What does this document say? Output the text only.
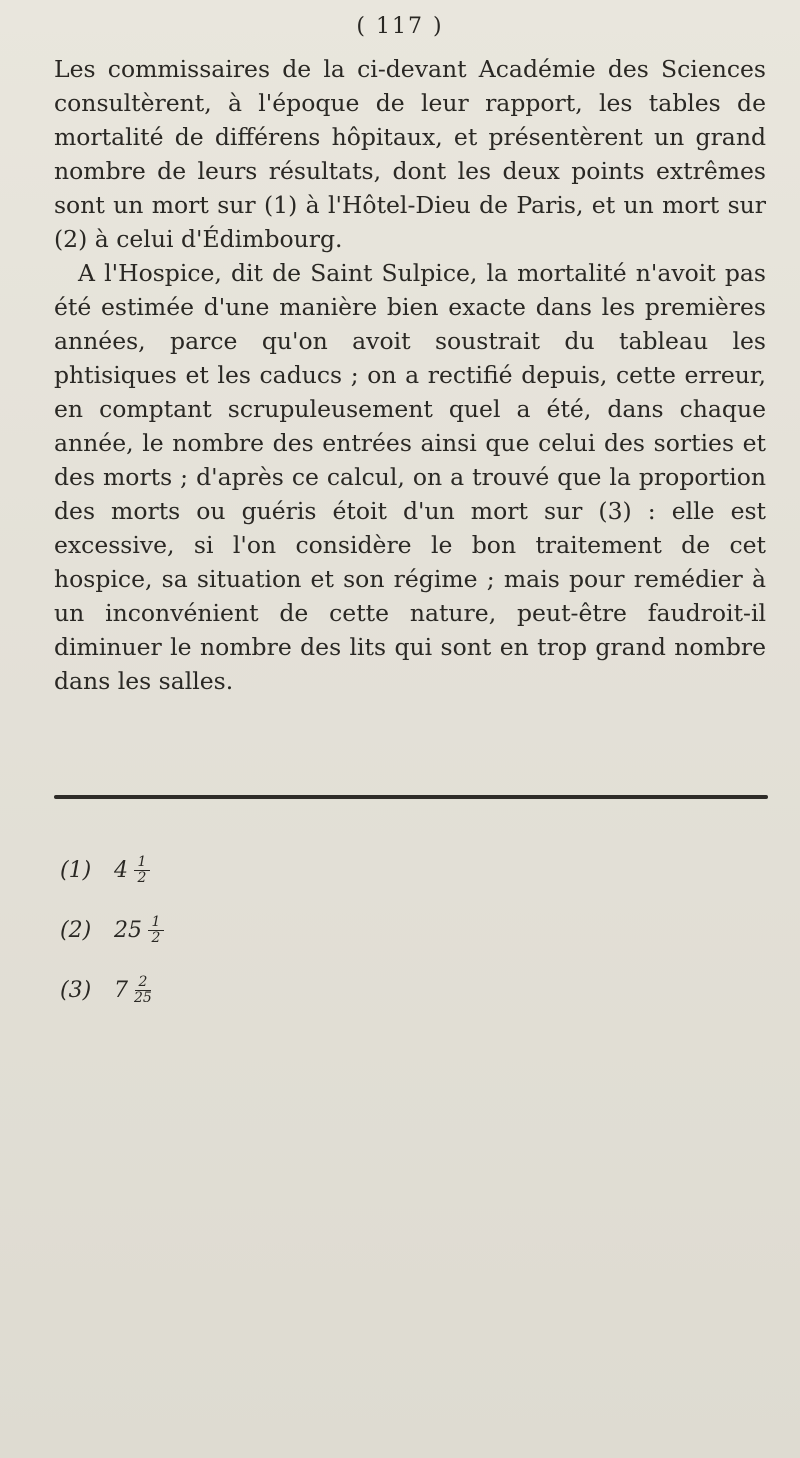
( 117 )

Les commissaires de la ci-devant Académie des Sciences consultèrent, à l'époque de leur rapport, les tables de mortalité de différens hôpitaux, et présentèrent un grand nombre de leurs résultats, dont les deux points extrêmes sont un mort sur (1) à l'Hôtel-Dieu de Paris, et un mort sur (2) à celui d'Édimbourg.

A l'Hospice, dit de Saint Sulpice, la mortalité n'avoit pas été estimée d'une manière bien exacte dans les premières années, parce qu'on avoit soustrait du tableau les phtisiques et les caducs ; on a rectifié depuis, cette erreur, en comptant scrupuleusement quel a été, dans chaque année, le nombre des entrées ainsi que celui des sorties et des morts ; d'après ce calcul, on a trouvé que la proportion des morts ou guéris étoit d'un mort sur (3) : elle est excessive, si l'on considère le bon traitement de cet hospice, sa situation et son régime ; mais pour remédier à un inconvénient de cette nature, peut-être faudroit-il diminuer le nombre des lits qui sont en trop grand nombre dans les salles.

(1)	$4 \frac{1}{2}$
(2)	$25 \frac{1}{2}$
(3)	$7 \frac{2}{25}$
